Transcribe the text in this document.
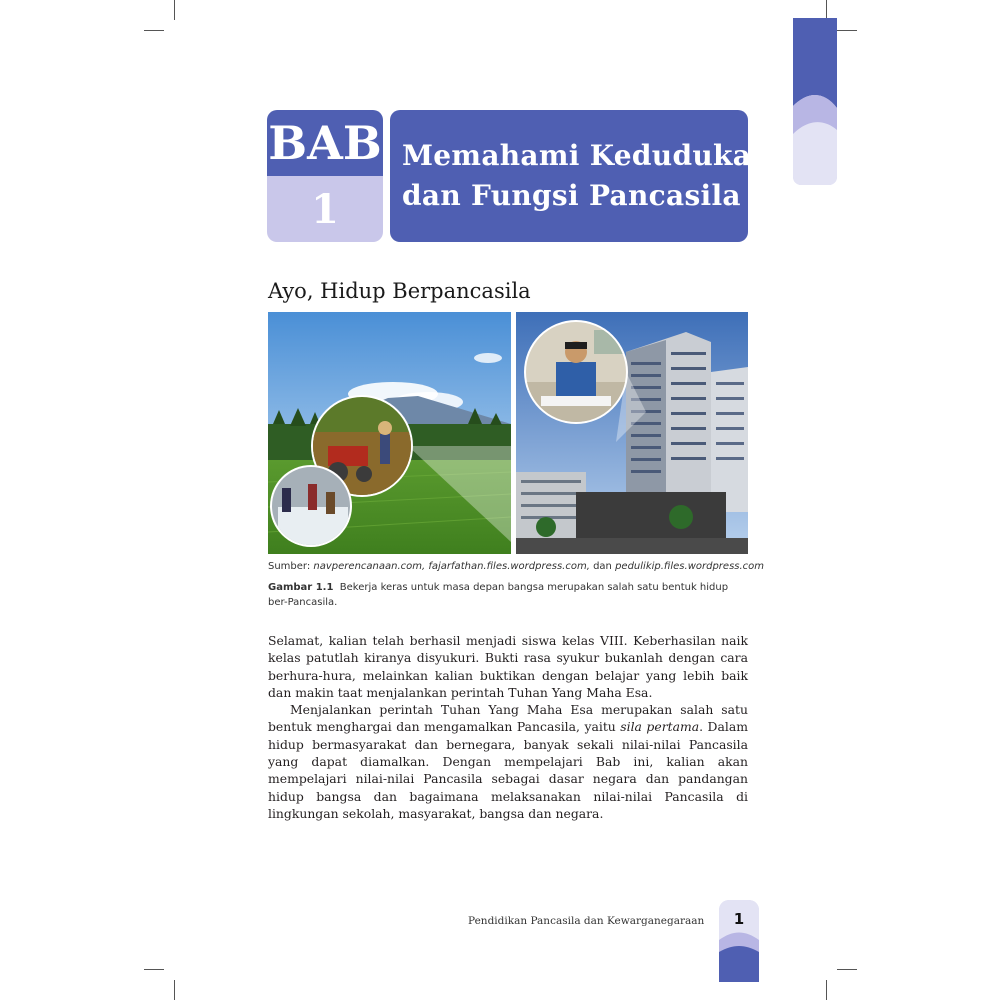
BAB
1
Memahami Kedudukan
dan Fungsi Pancasila
Ayo, Hidup Berpancasila
Sumber: navperencanaan.com, fajarfathan.files.wordpress.com, dan pedulikip.files.wordpress.com
Gambar 1.1 Bekerja keras untuk masa depan bangsa merupakan salah satu bentuk hidup ber-Pancasila.

Selamat, kalian telah berhasil menjadi siswa kelas VIII. Keberhasilan naik kelas patutlah kiranya disyukuri. Bukti rasa syukur bukanlah dengan cara berhura-hura, melainkan kalian buktikan dengan belajar yang lebih baik dan makin taat menjalankan perintah Tuhan Yang Maha Esa.

Menjalankan perintah Tuhan Yang Maha Esa merupakan salah satu bentuk menghargai dan mengamalkan Pancasila, yaitu sila pertama. Dalam hidup bermasyarakat dan bernegara, banyak sekali nilai-nilai Pancasila yang dapat diamalkan. Dengan mempelajari Bab ini, kalian akan mempelajari nilai-nilai Pancasila sebagai dasar negara dan pandangan hidup bangsa dan bagaimana melaksanakan nilai-nilai Pancasila di lingkungan sekolah, masyarakat, bangsa dan negara.

Pendidikan Pancasila dan Kewarganegaraan	1
